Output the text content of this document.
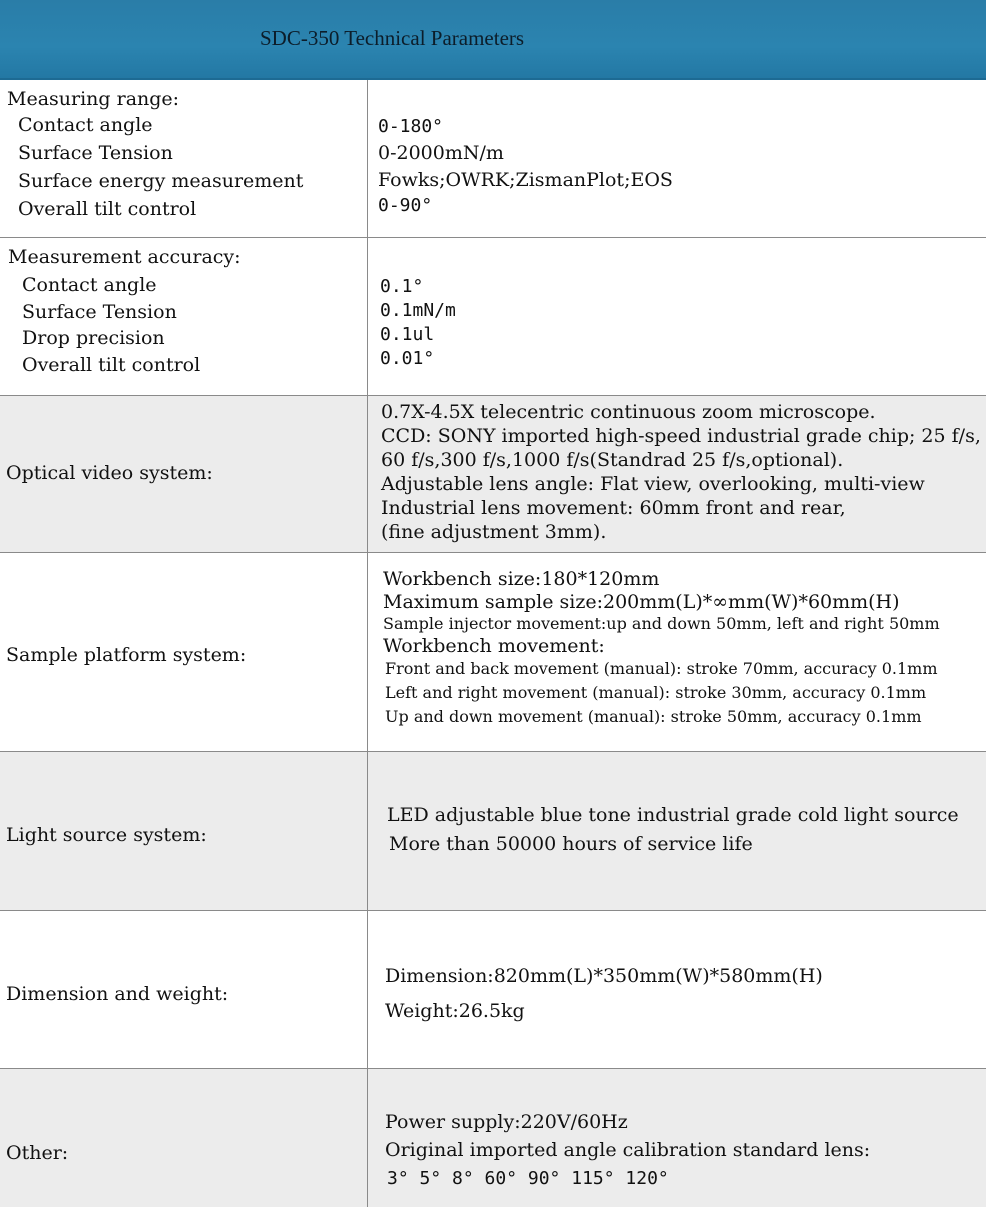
SDC-350 Technical Parameters
Measuring range:
Contact angle
Surface Tension
Surface energy measurement
Overall tilt control
0-180°
0-2000mN/m
Fowks;OWRK;ZismanPlot;EOS
0-90°
Measurement accuracy:
Contact angle
Surface Tension
Drop precision
Overall tilt control
0.1°
0.1mN/m
0.1ul
0.01°
Optical video system:
0.7X-4.5X telecentric continuous zoom microscope.
CCD: SONY imported high-speed industrial grade chip; 25 f/s,
60 f/s,300 f/s,1000 f/s(Standrad 25 f/s,optional).
Adjustable lens angle: Flat view, overlooking, multi-view
Industrial lens movement: 60mm front and rear,
(fine adjustment 3mm).
Sample platform system:
Workbench size:180*120mm
Maximum sample size:200mm(L)*∞mm(W)*60mm(H)
Sample injector movement:up and down 50mm, left and right 50mm
Workbench movement:
Front and back movement (manual): stroke 70mm, accuracy 0.1mm
Left and right movement (manual): stroke 30mm, accuracy 0.1mm
Up and down movement (manual): stroke 50mm, accuracy 0.1mm
Light source system:
LED adjustable blue tone industrial grade cold light source
More than 50000 hours of service life
Dimension and weight:
Dimension:820mm(L)*350mm(W)*580mm(H)
Weight:26.5kg
Other:
Power supply:220V/60Hz
Original imported angle calibration standard lens:
3° 5° 8° 60° 90° 115° 120°
